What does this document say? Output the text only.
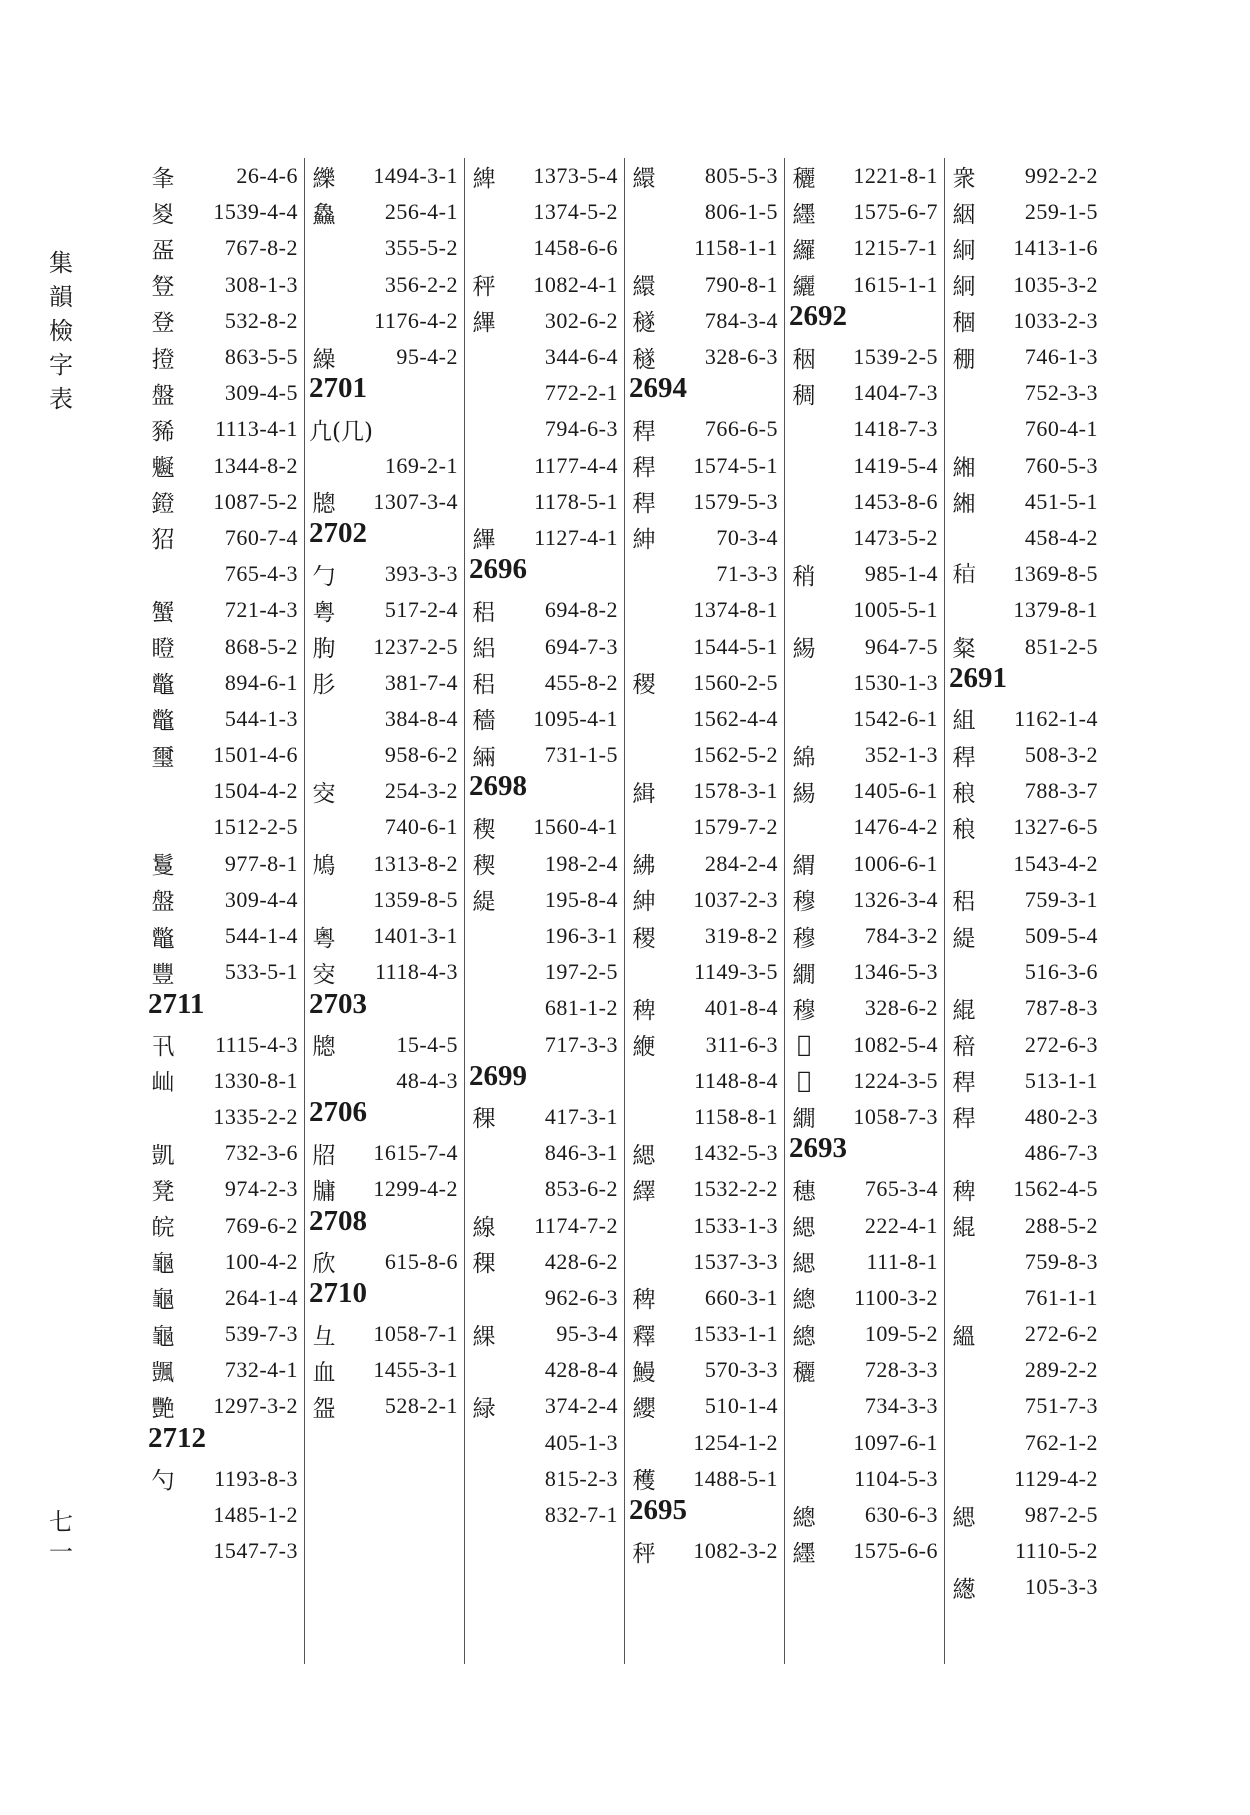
集
韻
檢
字
表
七
一
夆	26-4-6
㚇	1539-4-4
㿿	767-8-2
豋	308-1-3
登	532-8-2
撜	863-5-5
盤	309-4-5
豨	1113-4-1
䰯	1344-8-2
鐙	1087-5-2
㹦	760-7-4
765-4-3
蟹	721-4-3
瞪	868-5-2
鼈	894-6-1
鼈	544-1-3
璽	1501-4-6
1504-4-2
1512-2-5
鬘	977-8-1
盤	309-4-4
鼈	544-1-4
豐	533-5-1
2711
卂	1115-4-3
屾	1330-8-1
1335-2-2
凱	732-3-6
凳	974-2-3
皖	769-6-2
龜	100-4-2
龜	264-1-4
龜	539-7-3
颽	732-4-1
艷	1297-3-2
2712
勺	1193-8-3
1485-1-2
1547-7-3
纅	1494-3-1
鱻	256-4-1
355-5-2
356-2-2
1176-4-2
繰	95-4-2
2701
凣(几)
169-2-1
牕	1307-3-4
2702
勹	393-3-3
粤	517-2-4
朐	1237-2-5
肜	381-7-4
384-8-4
958-6-2
㝔	254-3-2
740-6-1
鳩	1313-8-2
1359-8-5
粵	1401-3-1
㝔	1118-4-3
2703
牕	15-4-5
48-4-3
2706
牊	1615-7-4
牗	1299-4-2
2708
欣	615-8-6
2710
彑	1058-7-1
血	1455-3-1
盌	528-2-1
綼	1373-5-4
1374-5-2
1458-6-6
秤	1082-4-1
縪	302-6-2
344-6-4
772-2-1
794-6-3
1177-4-4
1178-5-1
縪	1127-4-1
2696
稆	694-8-2
絽	694-7-3
稆	455-8-2
穡	1095-4-1
緉	731-1-5
2698
稧	1560-4-1
稧	198-2-4
緹	195-8-4
196-3-1
197-2-5
681-1-2
717-3-3
2699
稞	417-3-1
846-3-1
853-6-2
線	1174-7-2
稞	428-6-2
962-6-3
綶	95-3-4
428-8-4
緑	374-2-4
405-1-3
815-2-3
832-7-1
繯	805-5-3
806-1-5
1158-1-1
繯	790-8-1
穟	784-3-4
穟	328-6-3
2694
稈	766-6-5
稈	1574-5-1
稈	1579-5-3
紳	70-3-4
71-3-3
1374-8-1
1544-5-1
稷	1560-2-5
1562-4-4
1562-5-2
緝	1578-3-1
1579-7-2
紼	284-2-4
紳	1037-2-3
稷	319-8-2
1149-3-5
稗	401-8-4
緶	311-6-3
1148-8-4
1158-8-1
緦	1432-5-3
繹	1532-2-2
1533-1-3
1537-3-3
稗	660-3-1
釋	1533-1-1
鰻	570-3-3
纓	510-1-4
1254-1-2
穫	1488-5-1
2695
秤	1082-3-2
穲	1221-8-1
纆	1575-6-7
纙	1215-7-1
纚	1615-1-1
2692
秵	1539-2-5
稠	1404-7-3
1418-7-3
1419-5-4
1453-8-6
1473-5-2
稍	985-1-4
1005-5-1
緆	964-7-5
1530-1-3
1542-6-1
綿	352-1-3
緆	1405-6-1
1476-4-2
緭	1006-6-1
穆	1326-3-4
穆	784-3-2
繝	1346-5-3
穆	328-6-2
𥢱	1082-5-4
𥢱	1224-3-5
繝	1058-7-3
2693
穗	765-3-4
緦	222-4-1
緦	111-8-1
總	1100-3-2
總	109-5-2
穲	728-3-3
734-3-3
1097-6-1
1104-5-3
總	630-6-3
纆	1575-6-6
衆	992-2-2
絪	259-1-5
絅	1413-1-6
絅	1035-3-2
稒	1033-2-3
稝	746-1-3
752-3-3
760-4-1
緗	760-5-3
緗	451-5-1
458-4-2
𥞞	1369-8-5
1379-8-1
粲	851-2-5
2691
組	1162-1-4
稈	508-3-2
稂	788-3-7
稂	1327-6-5
1543-4-2
稆	759-3-1
緹	509-5-4
516-3-6
緄	787-8-3
稖	272-6-3
稈	513-1-1
稈	480-2-3
486-7-3
稗	1562-4-5
緄	288-5-2
759-8-3
761-1-1
縕	272-6-2
289-2-2
751-7-3
762-1-2
1129-4-2
緦	987-2-5
1110-5-2
繱	105-3-3
